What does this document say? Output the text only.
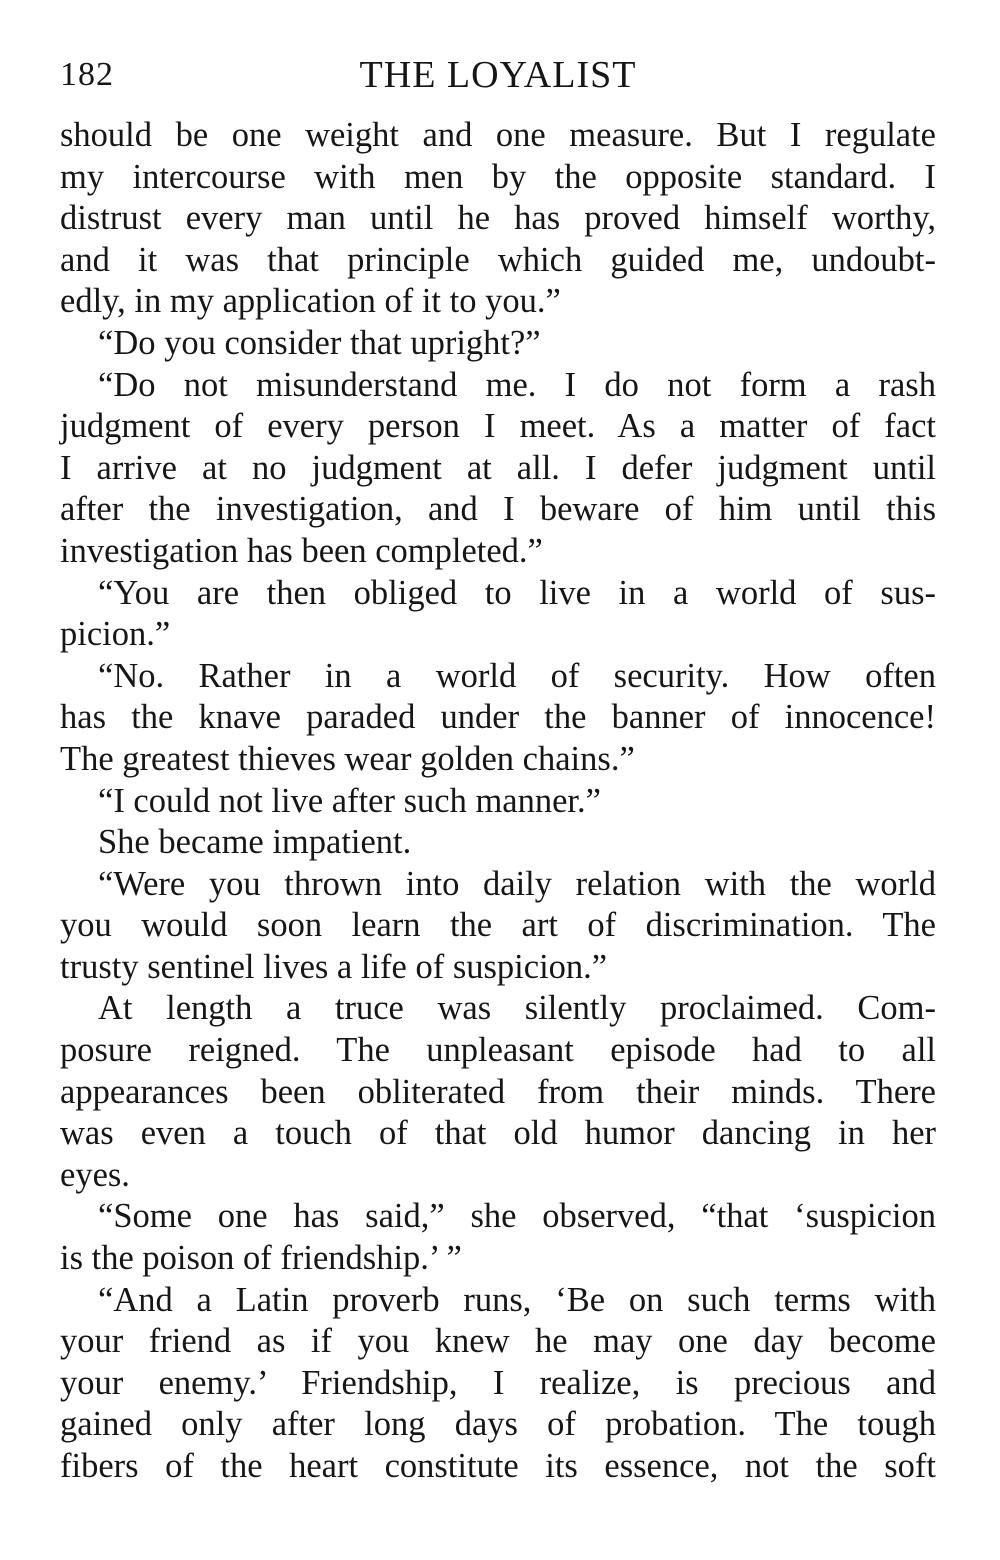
182	THE LOYALIST
should be one weight and one measure. But I regulate
my intercourse with men by the opposite standard. I
distrust every man until he has proved himself worthy,
and it was that principle which guided me, undoubt-
edly, in my application of it to you.”
“Do you consider that upright?”
“Do not misunderstand me. I do not form a rash
judgment of every person I meet. As a matter of fact
I arrive at no judgment at all. I defer judgment until
after the investigation, and I beware of him until this
investigation has been completed.”
“You are then obliged to live in a world of sus-
picion.”
“No. Rather in a world of security. How often
has the knave paraded under the banner of innocence!
The greatest thieves wear golden chains.”
“I could not live after such manner.”
She became impatient.
“Were you thrown into daily relation with the world
you would soon learn the art of discrimination. The
trusty sentinel lives a life of suspicion.”
At length a truce was silently proclaimed. Com-
posure reigned. The unpleasant episode had to all
appearances been obliterated from their minds. There
was even a touch of that old humor dancing in her
eyes.
“Some one has said,” she observed, “that ‘suspicion
is the poison of friendship.’ ”
“And a Latin proverb runs, ‘Be on such terms with
your friend as if you knew he may one day become
your enemy.’ Friendship, I realize, is precious and
gained only after long days of probation. The tough
fibers of the heart constitute its essence, not the soft
